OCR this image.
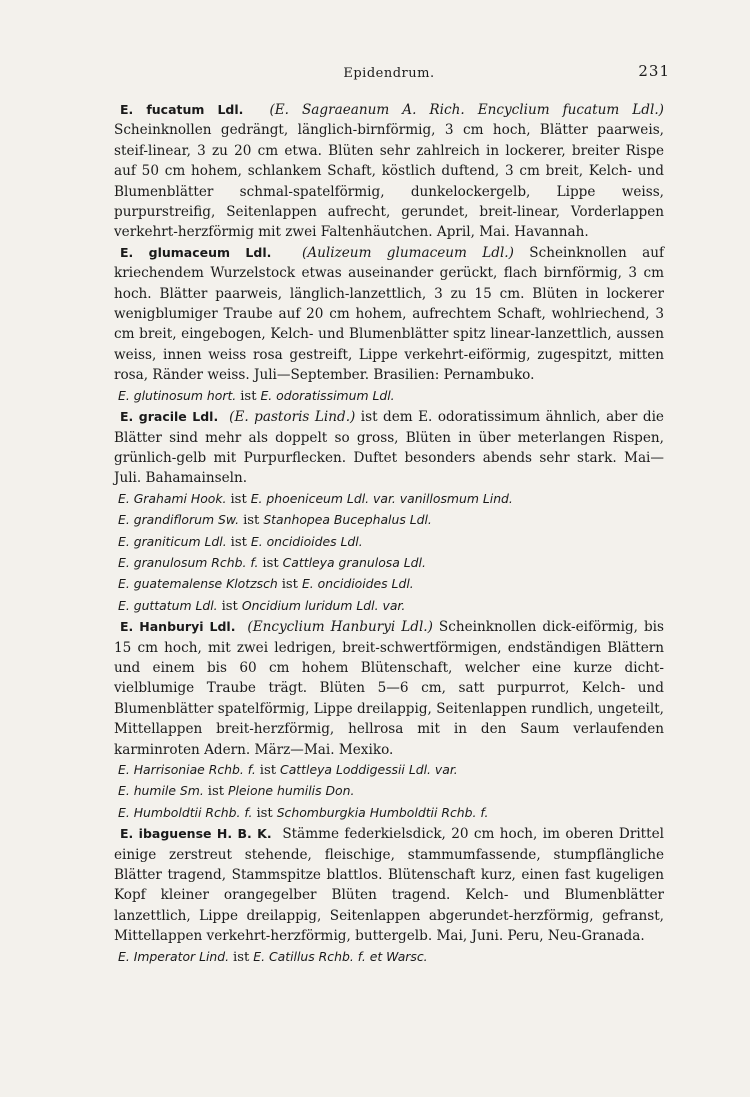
Epidendrum.	231

E. fucatum Ldl. (E. Sagraeanum A. Rich. Encyclium fucatum Ldl.) Scheinknollen gedrängt, länglich-birnförmig, 3 cm hoch, Blätter paarweis, steif-linear, 3 zu 20 cm etwa. Blüten sehr zahlreich in lockerer, breiter Rispe auf 50 cm hohem, schlankem Schaft, köstlich duftend, 3 cm breit, Kelch- und Blumenblätter schmal-spatelförmig, dunkelockergelb, Lippe weiss, purpurstreifig, Seitenlappen aufrecht, gerundet, breit-linear, Vorderlappen verkehrt-herzförmig mit zwei Faltenhäutchen. April, Mai. Havannah.

E. glumaceum Ldl. (Aulizeum glumaceum Ldl.) Scheinknollen auf kriechendem Wurzelstock etwas auseinander gerückt, flach birnförmig, 3 cm hoch. Blätter paarweis, länglich-lanzettlich, 3 zu 15 cm. Blüten in lockerer wenigblumiger Traube auf 20 cm hohem, aufrechtem Schaft, wohlriechend, 3 cm breit, eingebogen, Kelch- und Blumenblätter spitz linear-lanzettlich, aussen weiss, innen weiss rosa gestreift, Lippe verkehrt-eiförmig, zugespitzt, mitten rosa, Ränder weiss. Juli—September. Brasilien: Pernambuko.

E. glutinosum hort. ist E. odoratissimum Ldl.

E. gracile Ldl. (E. pastoris Lind.) ist dem E. odoratissimum ähnlich, aber die Blätter sind mehr als doppelt so gross, Blüten in über meterlangen Rispen, grünlich-gelb mit Purpurflecken. Duftet besonders abends sehr stark. Mai—Juli. Bahamainseln.

E. Grahami Hook. ist E. phoeniceum Ldl. var. vanillosmum Lind.

E. grandiflorum Sw. ist Stanhopea Bucephalus Ldl.

E. graniticum Ldl. ist E. oncidioides Ldl.

E. granulosum Rchb. f. ist Cattleya granulosa Ldl.

E. guatemalense Klotzsch ist E. oncidioides Ldl.

E. guttatum Ldl. ist Oncidium luridum Ldl. var.

E. Hanburyi Ldl. (Encyclium Hanburyi Ldl.) Scheinknollen dick-eiförmig, bis 15 cm hoch, mit zwei ledrigen, breit-schwertförmigen, endständigen Blättern und einem bis 60 cm hohem Blütenschaft, welcher eine kurze dicht-vielblumige Traube trägt. Blüten 5—6 cm, satt purpurrot, Kelch- und Blumenblätter spatelförmig, Lippe dreilappig, Seitenlappen rundlich, ungeteilt, Mittellappen breit-herzförmig, hellrosa mit in den Saum verlaufenden karminroten Adern. März—Mai. Mexiko.

E. Harrisoniae Rchb. f. ist Cattleya Loddigessii Ldl. var.

E. humile Sm. ist Pleione humilis Don.

E. Humboldtii Rchb. f. ist Schomburgkia Humboldtii Rchb. f.

E. ibaguense H. B. K. Stämme federkielsdick, 20 cm hoch, im oberen Drittel einige zerstreut stehende, fleischige, stammumfassende, stumpflängliche Blätter tragend, Stammspitze blattlos. Blütenschaft kurz, einen fast kugeligen Kopf kleiner orangegelber Blüten tragend. Kelch- und Blumenblätter lanzettlich, Lippe dreilappig, Seitenlappen abgerundet-herzförmig, gefranst, Mittellappen verkehrt-herzförmig, buttergelb. Mai, Juni. Peru, Neu-Granada.

E. Imperator Lind. ist E. Catillus Rchb. f. et Warsc.
